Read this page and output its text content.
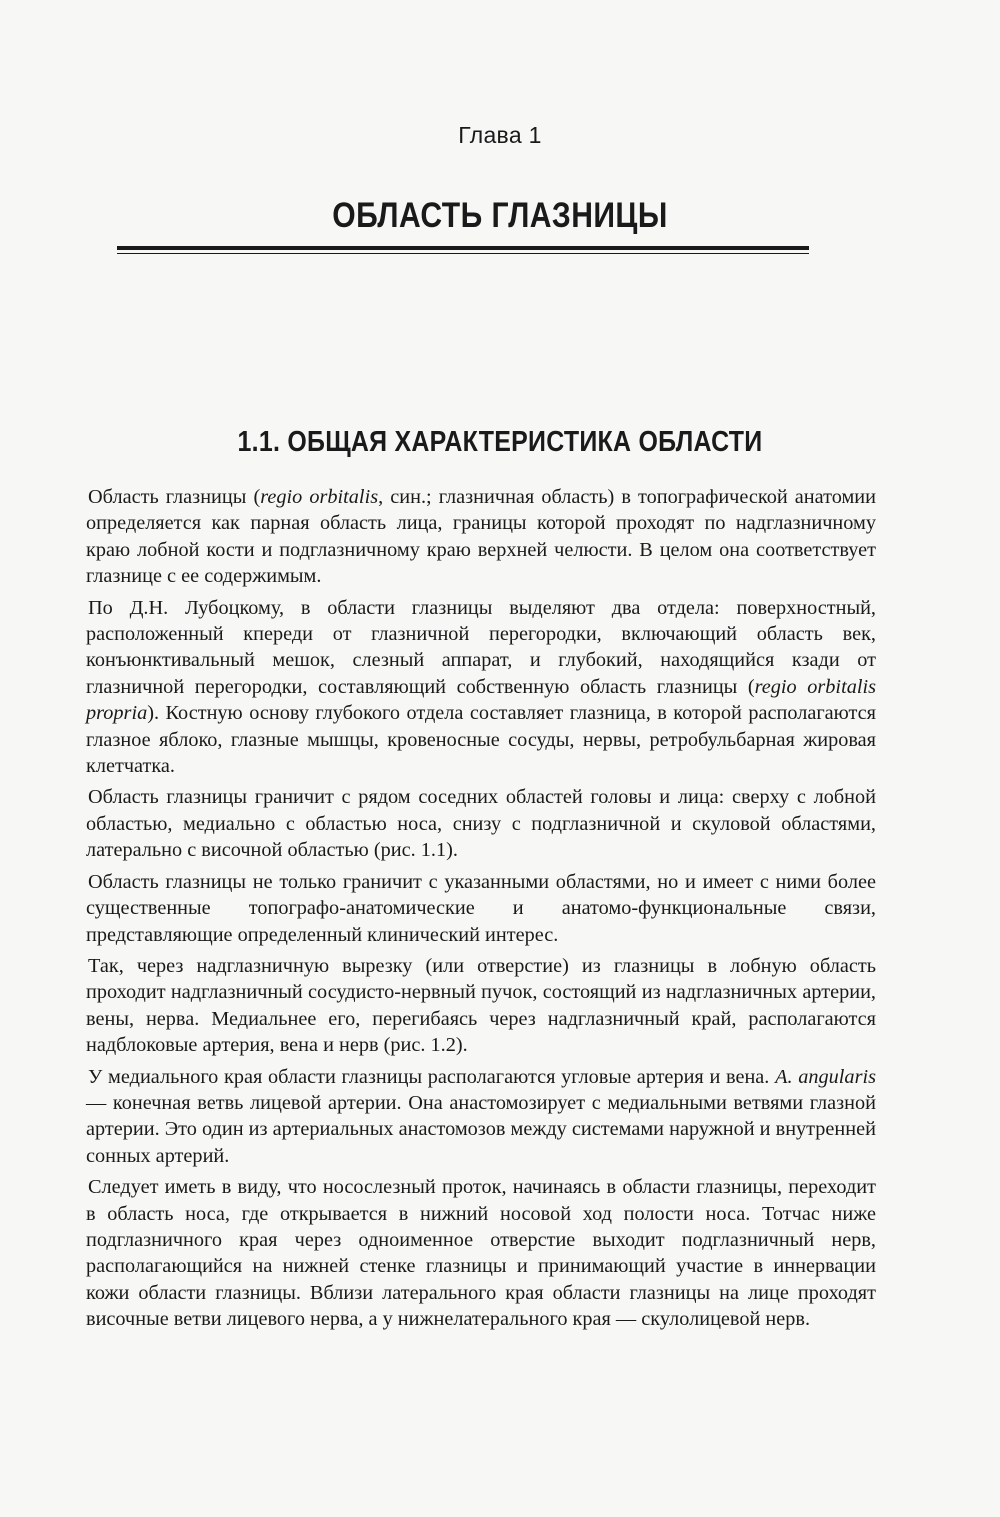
Глава 1
ОБЛАСТЬ ГЛАЗНИЦЫ
1.1. ОБЩАЯ ХАРАКТЕРИСТИКА ОБЛАСТИ

Область глазницы (regio orbitalis, син.; глазничная область) в топографической анатомии определяется как парная область лица, границы которой проходят по надглазничному краю лобной кости и подглазничному краю верхней челюсти. В целом она соответствует глазнице с ее содержимым.

По Д.Н. Лубоцкому, в области глазницы выделяют два отдела: поверхностный, расположенный кпереди от глазничной перегородки, включающий область век, конъюнктивальный мешок, слезный аппарат, и глубокий, находящийся кзади от глазничной перегородки, составляющий собственную область глазницы (regio orbitalis propria). Костную основу глубокого отдела составляет глазница, в которой располагаются глазное яблоко, глазные мышцы, кровеносные сосуды, нервы, ретробульбарная жировая клетчатка.

Область глазницы граничит с рядом соседних областей головы и лица: сверху с лобной областью, медиально с областью носа, снизу с подглазничной и скуловой областями, латерально с височной областью (рис. 1.1).

Область глазницы не только граничит с указанными областями, но и имеет с ними более существенные топографо-анатомические и анатомо-функциональные связи, представляющие определенный клинический интерес.

Так, через надглазничную вырезку (или отверстие) из глазницы в лобную область проходит надглазничный сосудисто-нервный пучок, состоящий из надглазничных артерии, вены, нерва. Медиальнее его, перегибаясь через надглазничный край, располагаются надблоковые артерия, вена и нерв (рис. 1.2).

У медиального края области глазницы располагаются угловые артерия и вена. A. angularis — конечная ветвь лицевой артерии. Она анастомозирует с медиальными ветвями глазной артерии. Это один из артериальных анастомозов между системами наружной и внутренней сонных артерий.

Следует иметь в виду, что носослезный проток, начинаясь в области глазницы, переходит в область носа, где открывается в нижний носовой ход полости носа. Тотчас ниже подглазничного края через одноименное отверстие выходит подглазничный нерв, располагающийся на нижней стенке глазницы и принимающий участие в иннервации кожи области глазницы. Вблизи латерального края области глазницы на лице проходят височные ветви лицевого нерва, а у нижнелатерального края — скулолицевой нерв.
